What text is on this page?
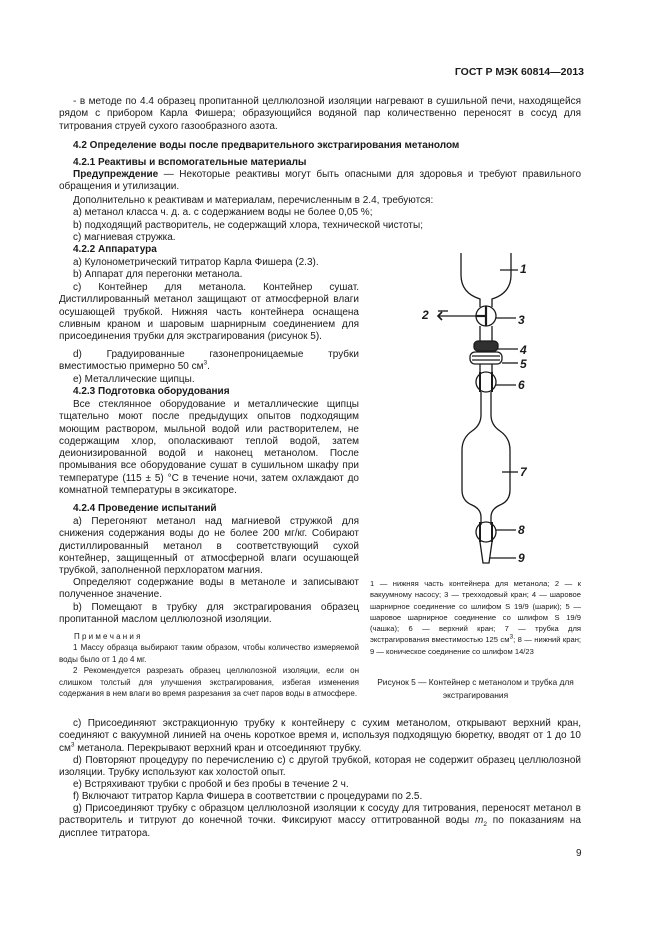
ГОСТ Р МЭК 60814—2013
- в методе по 4.4 образец пропитанной целлюлозной изоляции нагревают в сушильной печи, находящейся рядом с прибором Карла Фишера; образующийся водяной пар количественно переносят в сосуд для титрования струей сухого газообразного азота.
4.2 Определение воды после предварительного экстрагирования метанолом
4.2.1 Реактивы и вспомогательные материалы
Предупреждение — Некоторые реактивы могут быть опасными для здоровья и требуют правильного обращения и утилизации.
Дополнительно к реактивам и материалам, перечисленным в 2.4, требуются:
a) метанол класса ч. д. а. с содержанием воды не более 0,05 %;
b) подходящий растворитель, не содержащий хлора, технической чистоты;
c) магниевая стружка.
4.2.2 Аппаратура
a) Кулонометрический титратор Карла Фишера (2.3).
b) Аппарат для перегонки метанола.
c) Контейнер для метанола. Контейнер сушат. Дистиллированный метанол защищают от атмосферной влаги осушающей трубкой. Нижняя часть контейнера оснащена сливным краном и шаровым шарнирным соединением для присоединения трубки для экстрагирования (рисунок 5).
d) Градуированные газонепроницаемые трубки вместимостью примерно 50 $см^3$.
e) Металлические щипцы.
4.2.3 Подготовка оборудования
Все стеклянное оборудование и металлические щипцы тщательно моют после предыдущих опытов подходящим моющим раствором, мыльной водой или растворителем, не содержащим хлор, ополаскивают теплой водой, затем деионизированной водой и наконец метанолом. После промывания все оборудование сушат в сушильном шкафу при температуре (115 ± 5) °С в течение ночи, затем охлаждают до комнатной температуры в эксикаторе.
4.2.4 Проведение испытаний
a) Перегоняют метанол над магниевой стружкой для снижения содержания воды до не более 200 мг/кг. Собирают дистиллированный метанол в соответствующий сухой контейнер, защищенный от атмосферной влаги осушающей трубкой, заполненной перхлоратом магния.
Определяют содержание воды в метаноле и записывают полученное значение.
b) Помещают в трубку для экстрагирования образец пропитанной маслом целлюлозной изоляции.
П р и м е ч а н и я
1 Массу образца выбирают таким образом, чтобы количество измеряемой воды было от 1 до 4 мг.
2 Рекомендуется разрезать образец целлюлозной изоляции, если он слишком толстый для улучшения экстрагирования, избегая изменения содержания в нем влаги во время разрезания за счет паров воды в атмосфере.
1
2	3
4
5
6
7
8
9
1 — нижняя часть контейнера для метанола; 2 — к вакуумному насосу; 3 — трехходовый кран; 4 — шаровое шарнирное соединение со шлифом S 19/9 (шарик); 5 — шаровое шарнирное соединение со шлифом S 19/9 (чашка); 6 — верхний кран; 7 — трубка для экстрагирования вместимостью 125 $см^3$; 8 — нижний кран; 9 — коническое соединение со шлифом 14/23
Рисунок 5 — Контейнер с метанолом и трубка для экстрагирования
c) Присоединяют экстракционную трубку к контейнеру с сухим метанолом, открывают верхний кран, соединяют с вакуумной линией на очень короткое время и, используя подходящую бюретку, вводят от 1 до 10 $см^3$ метанола. Перекрывают верхний кран и отсоединяют трубку.
d) Повторяют процедуру по перечислению c) с другой трубкой, которая не содержит образец целлюлозной изоляции. Трубку используют как холостой опыт.
e) Встряхивают трубки с пробой и без пробы в течение 2 ч.
f) Включают титратор Карла Фишера в соответствии с процедурами по 2.5.
g) Присоединяют трубку с образцом целлюлозной изоляции к сосуду для титрования, переносят метанол в растворитель и титруют до конечной точки. Фиксируют массу оттитрованной воды $m_2$ по показаниям на дисплее титратора.
9
